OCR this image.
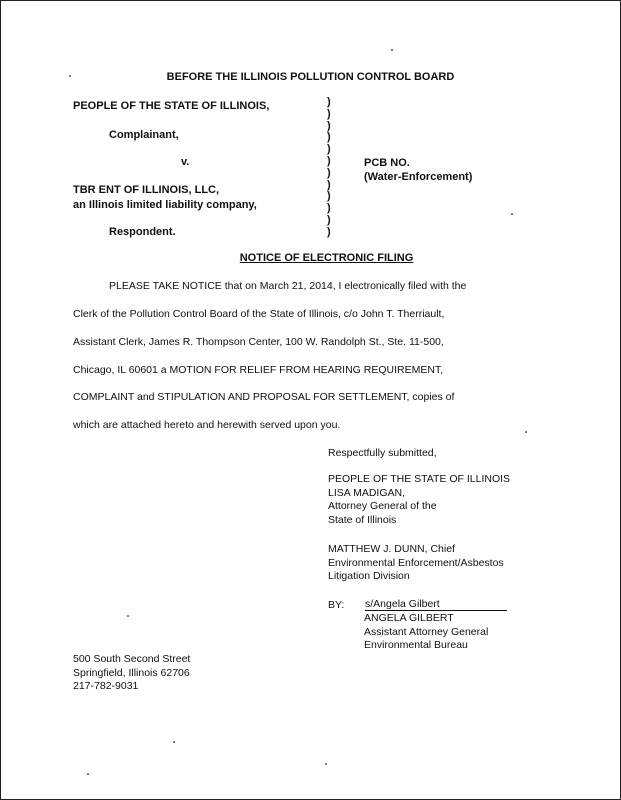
BEFORE THE ILLINOIS POLLUTION CONTROL BOARD
PEOPLE OF THE STATE OF ILLINOIS,
Complainant,
v.
TBR ENT OF ILLINOIS, LLC,
an Illinois limited liability company,
Respondent.
)
)
)
)
)
)
)
)
)
)
)
)
PCB NO.
(Water-Enforcement)
NOTICE OF ELECTRONIC FILING
PLEASE TAKE NOTICE that on March 21, 2014, I electronically filed with the
Clerk of the Pollution Control Board of the State of Illinois, c/o John T. Therriault,
Assistant Clerk, James R. Thompson Center, 100 W. Randolph St., Ste. 11-500,
Chicago, IL 60601 a MOTION FOR RELIEF FROM HEARING REQUIREMENT,
COMPLAINT and STIPULATION AND PROPOSAL FOR SETTLEMENT, copies of
which are attached hereto and herewith served upon you.
Respectfully submitted,
PEOPLE OF THE STATE OF ILLINOIS
LISA MADIGAN,
Attorney General of the
State of Illinois
MATTHEW J. DUNN, Chief
Environmental Enforcement/Asbestos
Litigation Division
BY: s/Angela Gilbert
ANGELA GILBERT
Assistant Attorney General
Environmental Bureau
500 South Second Street
Springfield, Illinois 62706
217-782-9031
